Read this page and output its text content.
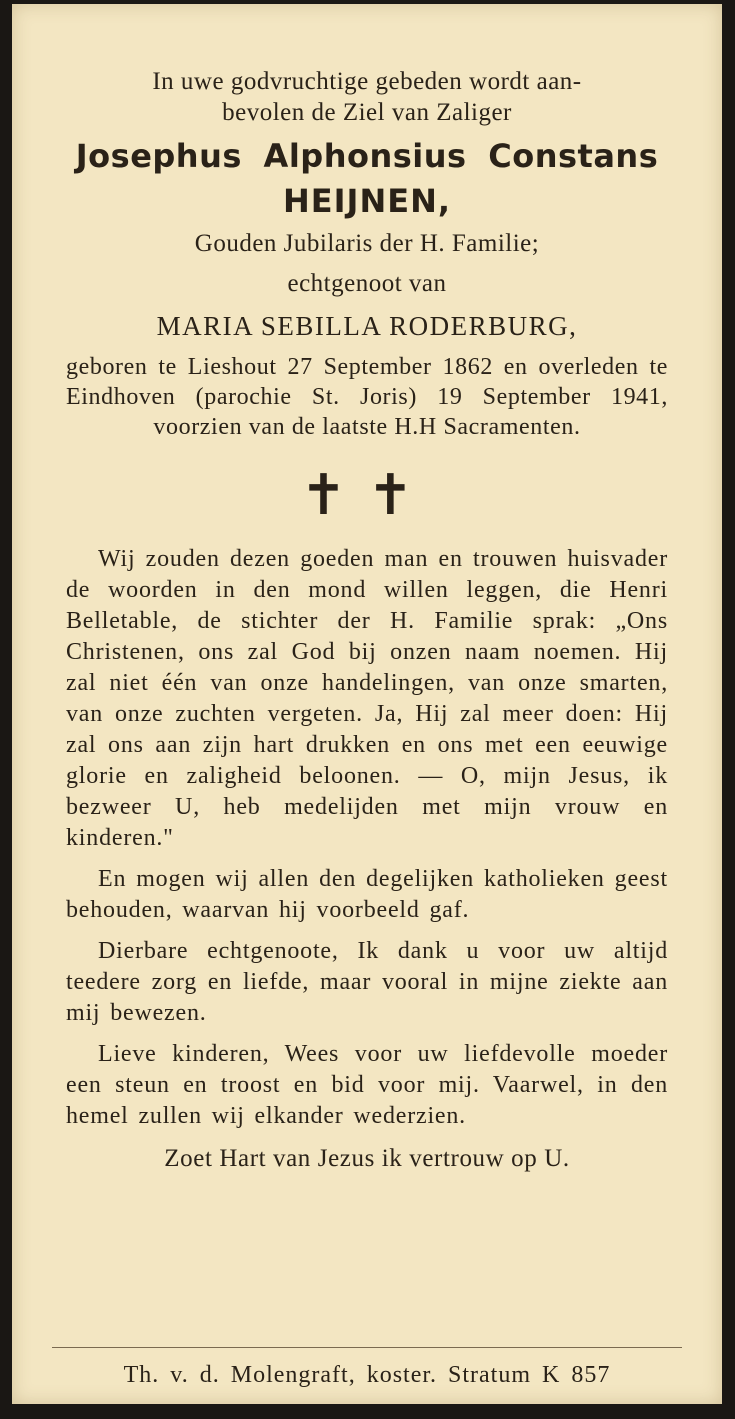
In uwe godvruchtige gebeden wordt aan-
bevolen de Ziel van Zaliger
Josephus Alphonsius Constans
HEIJNEN,
Gouden Jubilaris der H. Familie;
echtgenoot van
MARIA SEBILLA RODERBURG,
geboren te Lieshout 27 September 1862 en overleden te Eindhoven (parochie St. Joris) 19 September 1941, voorzien van de laatste H.H Sacramenten.
✝✝

Wij zouden dezen goeden man en trouwen huisvader de woorden in den mond willen leggen, die Henri Belletable, de stichter der H. Familie sprak: „Ons Christenen, ons zal God bij onzen naam noemen. Hij zal niet één van onze handelingen, van onze smarten, van onze zuchten vergeten. Ja, Hij zal meer doen: Hij zal ons aan zijn hart drukken en ons met een eeuwige glorie en zaligheid beloonen. — O, mijn Jesus, ik bezweer U, heb medelijden met mijn vrouw en kinderen."

En mogen wij allen den degelijken katholieken geest behouden, waarvan hij voorbeeld gaf.

Dierbare echtgenoote, Ik dank u voor uw altijd teedere zorg en liefde, maar vooral in mijne ziekte aan mij bewezen.

Lieve kinderen, Wees voor uw liefdevolle moeder een steun en troost en bid voor mij. Vaarwel, in den hemel zullen wij elkander wederzien.

Zoet Hart van Jezus ik vertrouw op U.
Th. v. d. Molengraft, koster. Stratum K 857
